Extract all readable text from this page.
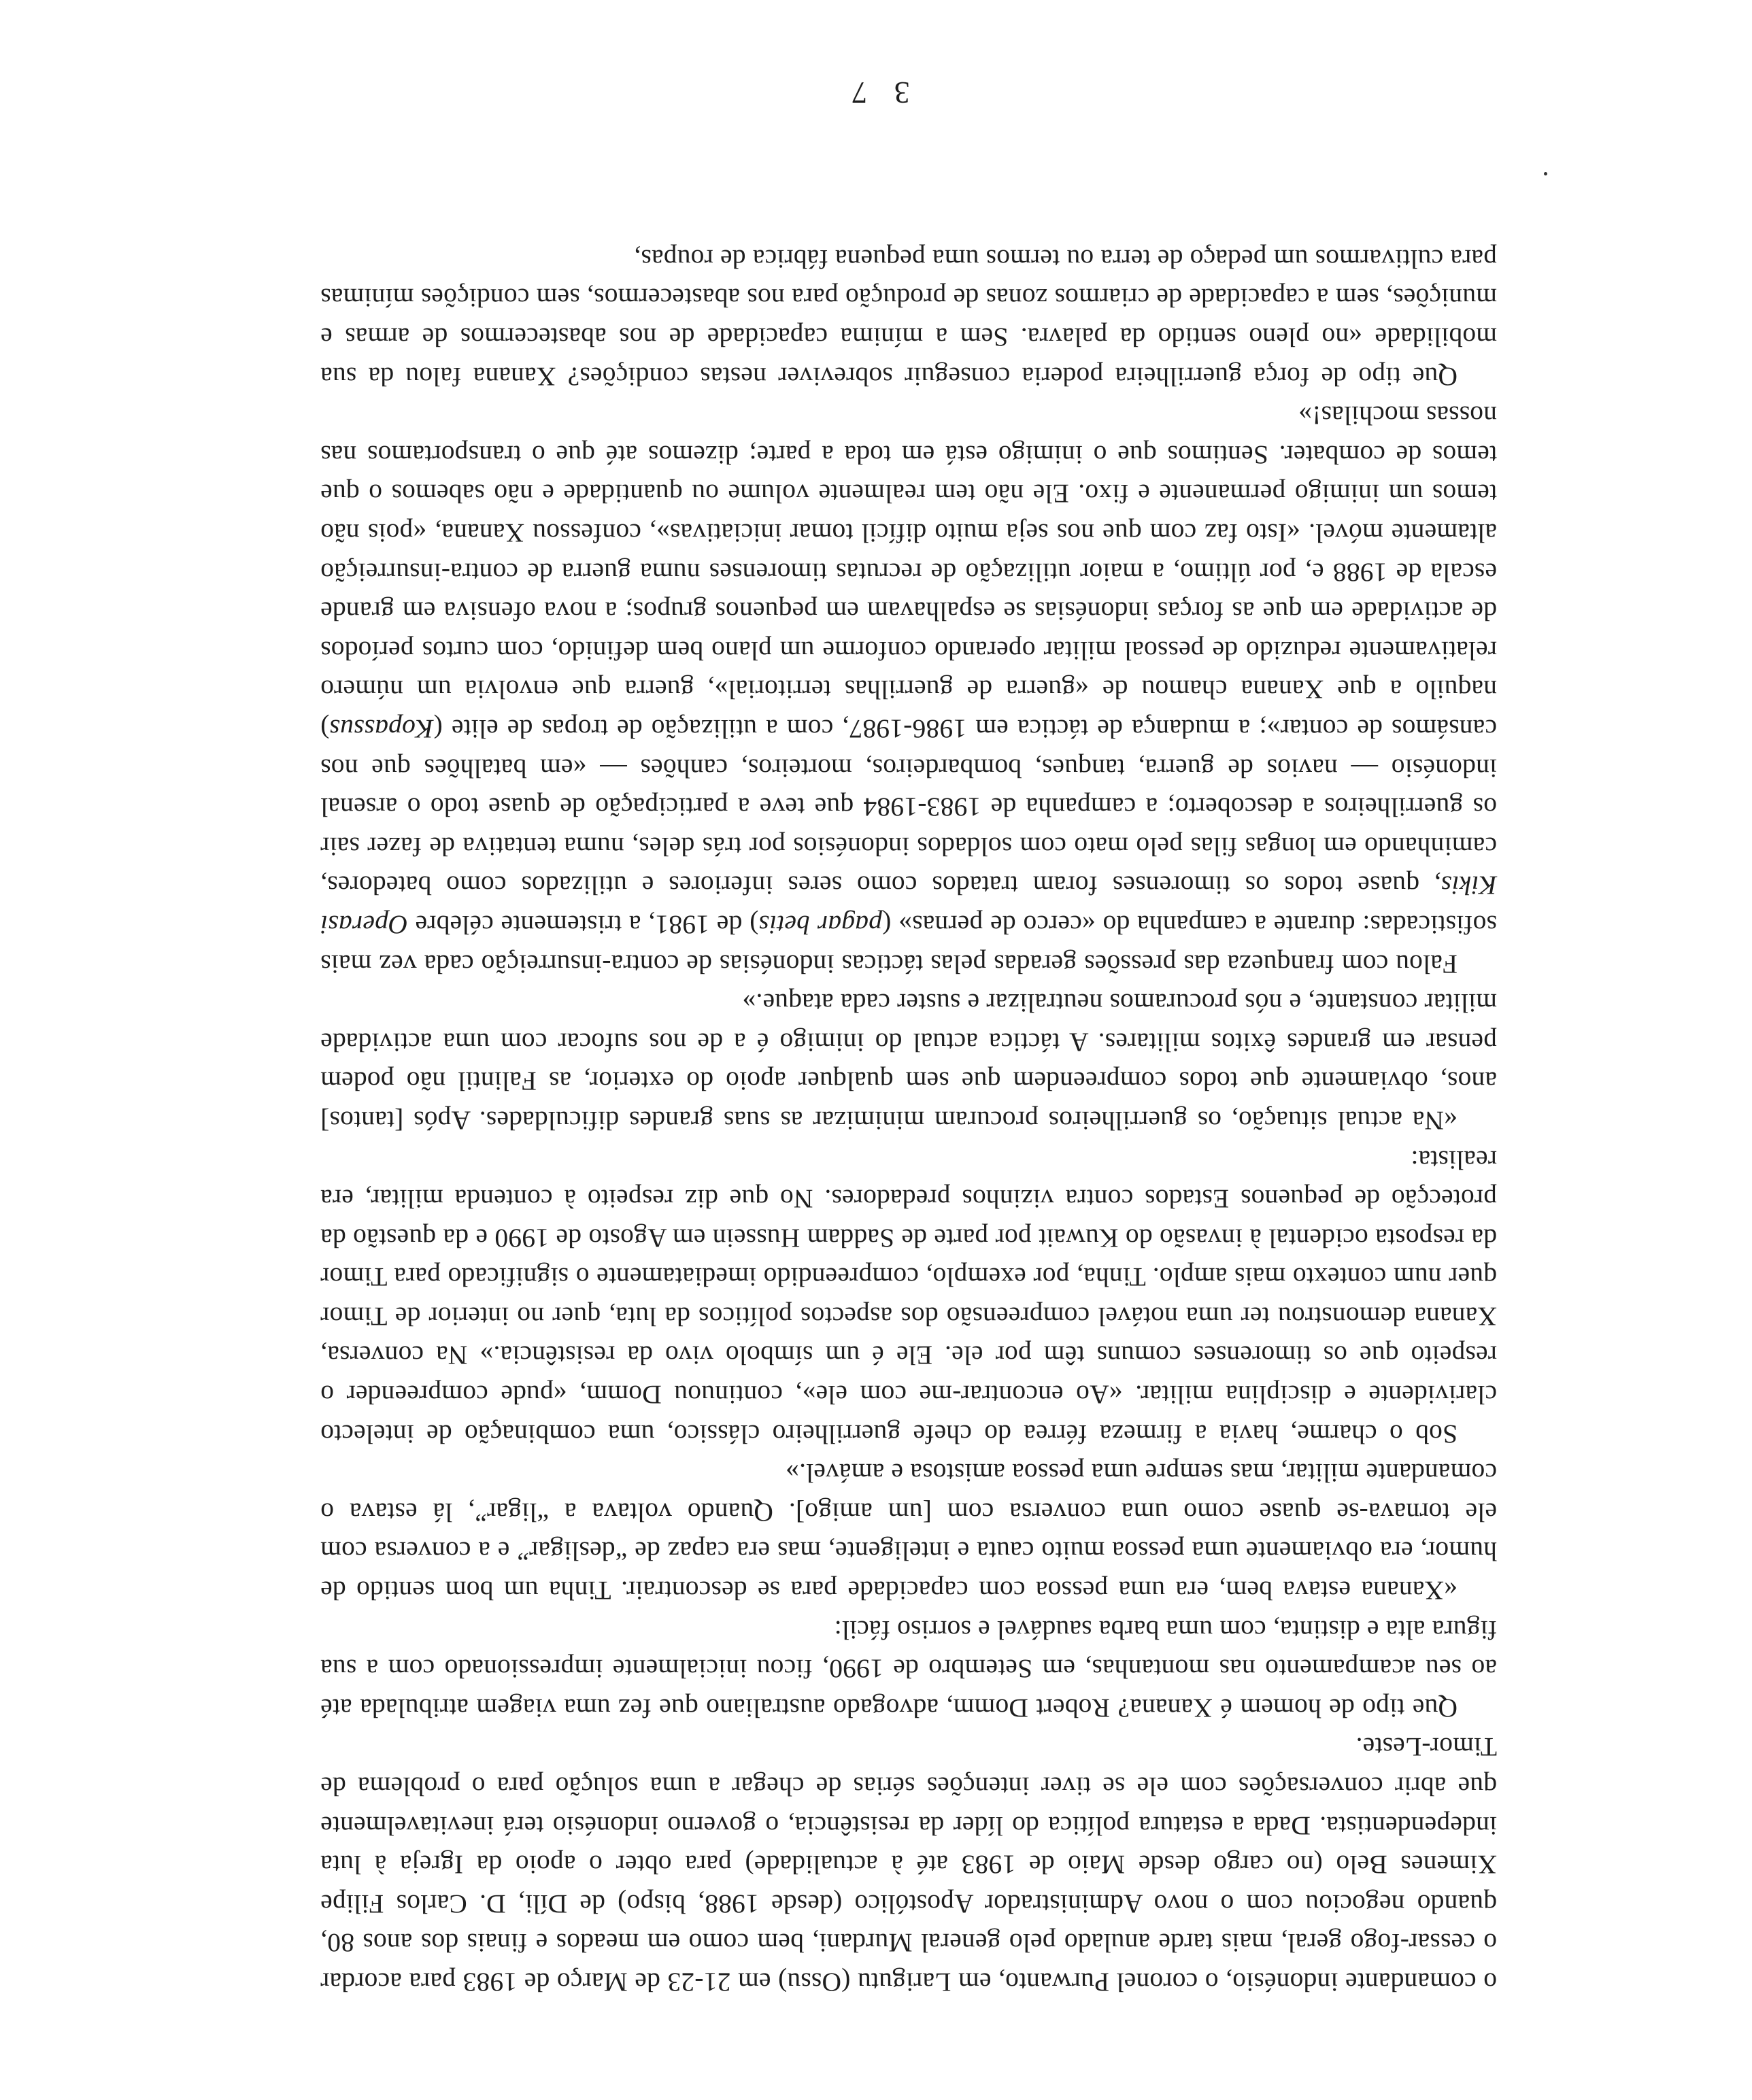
o comandante indonésio, o coronel Purwanto, em Larigutu (Ossu) em 21-23 de Março de 1983 para acordar o cessar-fogo geral, mais tarde anulado pelo general Murdani, bem como em meados e finais dos anos 80, quando negociou com o novo Administrador Apostólico (desde 1988, bispo) de Díli, D. Carlos Filipe Ximenes Belo (no cargo desde Maio de 1983 até à actualidade) para obter o apoio da Igreja à luta independentista. Dada a estatura política do líder da resistência, o governo indonésio terá inevitavelmente que abrir conversações com ele se tiver intenções sérias de chegar a uma solução para o problema de Timor-Leste.

Que tipo de homem é Xanana? Robert Domm, advogado australiano que fez uma viagem atribulada até ao seu acampamento nas montanhas, em Setembro de 1990, ficou inicialmente impressionado com a sua figura alta e distinta, com uma barba saudável e sorriso fácil:

«Xanana estava bem, era uma pessoa com capacidade para se descontrair. Tinha um bom sentido de humor, era obviamente uma pessoa muito cauta e inteligente, mas era capaz de “desligar” e a conversa com ele tornava-se quase como uma conversa com [um amigo]. Quando voltava a “ligar”, lá estava o comandante militar, mas sempre uma pessoa amistosa e amável.»

Sob o charme, havia a firmeza férrea do chefe guerrilheiro clássico, uma combinação de intelecto clarividente e disciplina militar. «Ao encontrar-me com ele», continuou Domm, «pude compreender o respeito que os timorenses comuns têm por ele. Ele é um símbolo vivo da resistência.» Na conversa, Xanana demonstrou ter uma notável compreensão dos aspectos políticos da luta, quer no interior de Timor quer num contexto mais amplo. Tinha, por exemplo, compreendido imediatamente o significado para Timor da resposta ocidental à invasão do Kuwait por parte de Saddam Hussein em Agosto de 1990 e da questão da protecção de pequenos Estados contra vizinhos predadores. No que diz respeito à contenda militar, era realista:

«Na actual situação, os guerrilheiros procuram minimizar as suas grandes dificuldades. Após [tantos] anos, obviamente que todos compreendem que sem qualquer apoio do exterior, as Falintil não podem pensar em grandes êxitos militares. A táctica actual do inimigo é a de nos sufocar com uma actividade militar constante, e nós procuramos neutralizar e suster cada ataque.»

Falou com franqueza das pressões geradas pelas tácticas indonésias de contra-insurreição cada vez mais sofisticadas: durante a campanha do «cerco de pernas» (pagar betis) de 1981, a tristemente célebre Operasi Kikis, quase todos os timorenses foram tratados como seres inferiores e utilizados como batedores, caminhando em longas filas pelo mato com soldados indonésios por trás deles, numa tentativa de fazer sair os guerrilheiros a descoberto; a campanha de 1983-1984 que teve a participação de quase todo o arsenal indonésio — navios de guerra, tanques, bombardeiros, morteiros, canhões — «em batalhões que nos cansámos de contar»; a mudança de táctica em 1986-1987, com a utilização de tropas de elite (Kopassus) naquilo a que Xanana chamou de «guerra de guerrilhas territorial», guerra que envolvia um número relativamente reduzido de pessoal militar operando conforme um plano bem definido, com curtos períodos de actividade em que as forças indonésias se espalhavam em pequenos grupos; a nova ofensiva em grande escala de 1988 e, por último, a maior utilização de recrutas timorenses numa guerra de contra-insurreição altamente móvel. «Isto faz com que nos seja muito difícil tomar iniciativas», confessou Xanana, «pois não temos um inimigo permanente e fixo. Ele não tem realmente volume ou quantidade e não sabemos o que temos de combater. Sentimos que o inimigo está em toda a parte; dizemos até que o transportamos nas nossas mochilas!»

Que tipo de força guerrilheira poderia conseguir sobreviver nestas condições? Xanana falou da sua mobilidade «no pleno sentido da palavra. Sem a mínima capacidade de nos abastecermos de armas e munições, sem a capacidade de criarmos zonas de produção para nos abastecermos, sem condições mínimas para cultivarmos um pedaço de terra ou termos uma pequena fábrica de roupas,

3 7
